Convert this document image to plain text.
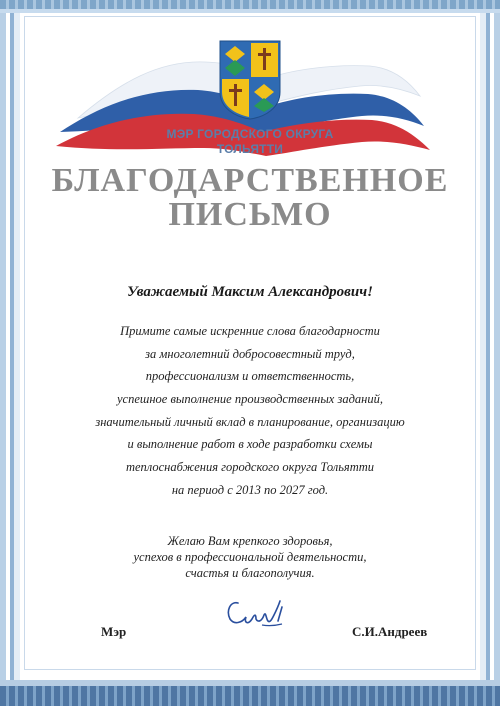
МЭР ГОРОДСКОГО ОКРУГА
ТОЛЬЯТТИ
БЛАГОДАРСТВЕННОЕ
ПИСЬМО
Уважаемый Максим Александрович!
Примите самые искренние слова благодарности
за многолетний добросовестный труд,
профессионализм и ответственность,
успешное выполнение производственных заданий,
значительный личный вклад в планирование, организацию
и выполнение работ в ходе разработки схемы
теплоснабжения городского округа Тольятти
на период с 2013 по 2027 год.
Желаю Вам крепкого здоровья,
успехов в профессиональной деятельности,
счастья и благополучия.
Мэр	С.И.Андреев
